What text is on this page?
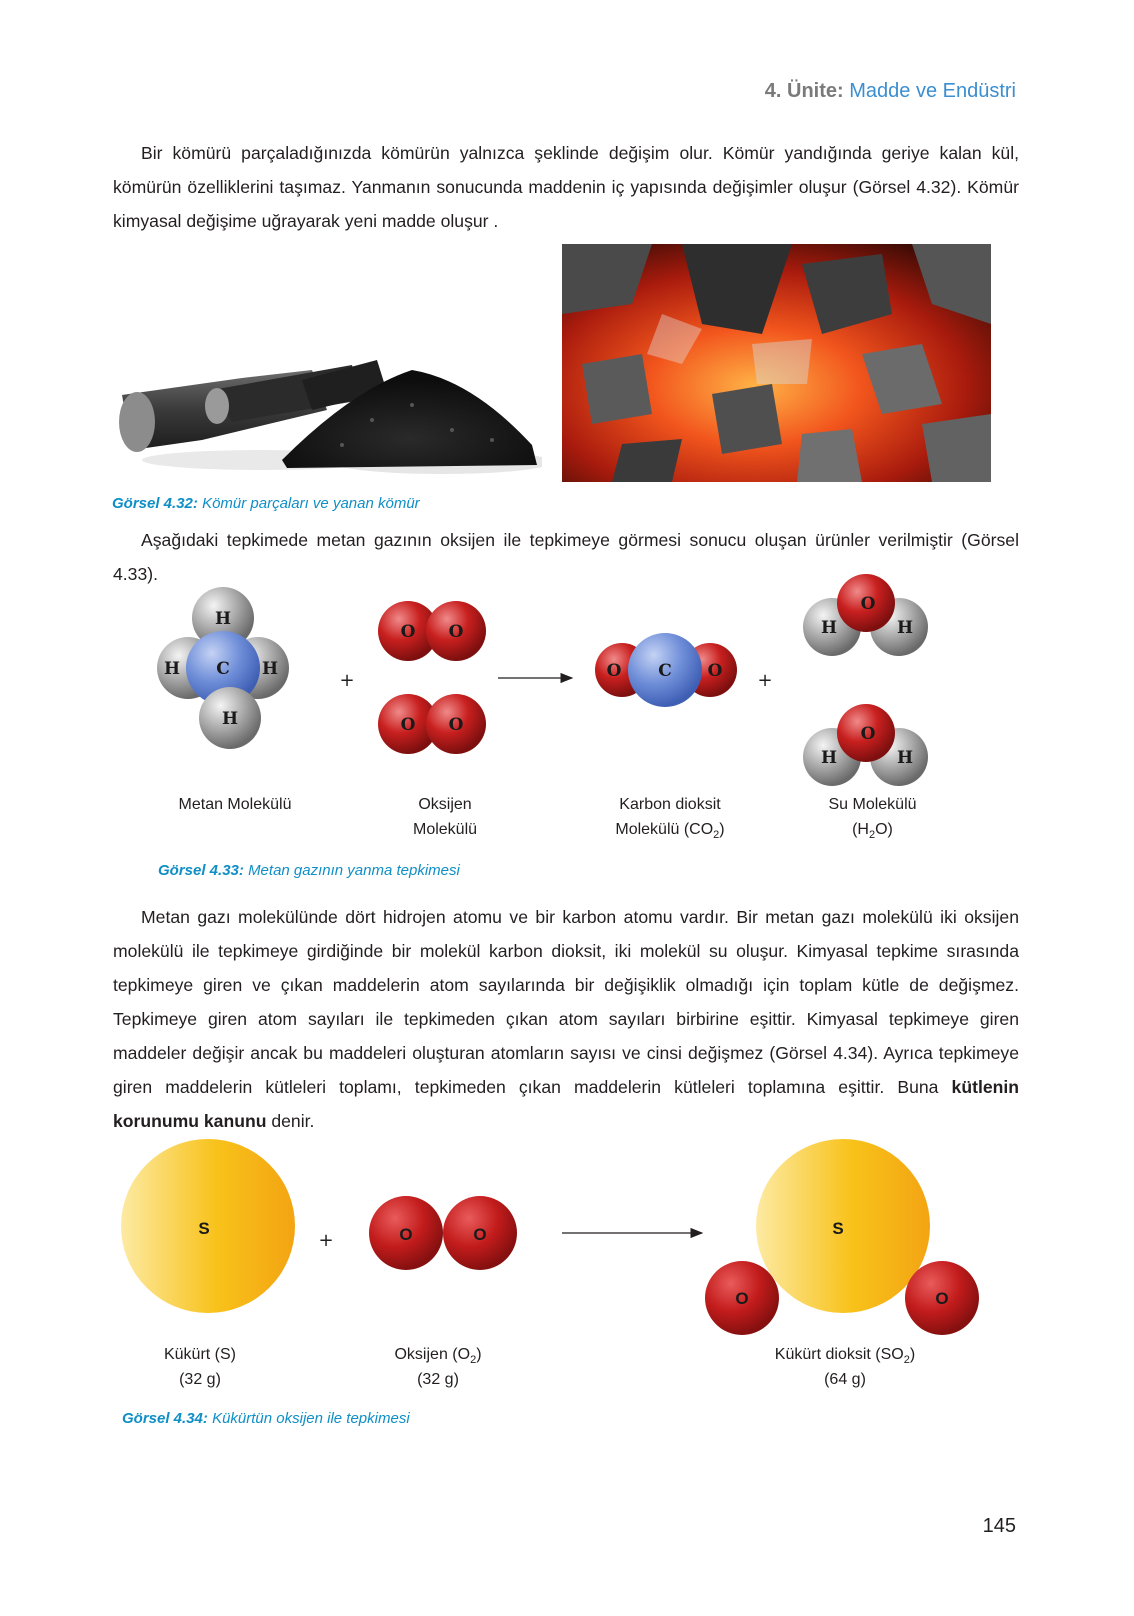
4. Ünite: Madde ve Endüstri
Bir kömürü parçaladığınızda kömürün yalnızca şeklinde değişim olur. Kömür yandığında geriye kalan kül, kömürün özelliklerini taşımaz. Yanmanın sonucunda maddenin iç yapısında değişimler oluşur (Görsel 4.32). Kömür kimyasal değişime uğrayarak yeni madde oluşur .
Görsel 4.32: Kömür parçaları ve yanan kömür
Aşağıdaki tepkimede metan gazının oksijen ile tepkimeye görmesi sonucu oluşan ürünler verilmiştir (Görsel 4.33).
H
H C H
H
+
O O
O O
O C O +
H	H
O
H	H
O
Metan Molekülü	Oksijen
Molekülü
Karbon dioksit
Molekülü $(CO_2)$
Su Molekülü
$(H_2O)$
Görsel 4.33: Metan gazının yanma tepkimesi
Metan gazı molekülünde dört hidrojen atomu ve bir karbon atomu vardır. Bir metan gazı molekülü iki oksijen molekülü ile tepkimeye girdiğinde bir molekül karbon dioksit, iki molekül su oluşur. Kimyasal tepkime sırasında tepkimeye giren ve çıkan maddelerin atom sayılarında bir değişiklik olmadığı için toplam kütle de değişmez. Tepkimeye giren atom sayıları ile tepkimeden çıkan atom sayıları birbirine eşittir. Kimyasal tepkimeye giren maddeler değişir ancak bu maddeleri oluşturan atomların sayısı ve cinsi değişmez (Görsel 4.34). Ayrıca tepkimeye giren maddelerin kütleleri toplamı, tepkimeden çıkan maddelerin kütleleri toplamına eşittir. Buna kütlenin korunumu kanunu denir.
S
+	O	O	S
O	O
Kükürt (S)
(32 g)
Oksijen $(O_2)$
(32 g)
Kükürt dioksit $(SO_2)$
(64 g)
Görsel 4.34: Kükürtün oksijen ile tepkimesi
145
